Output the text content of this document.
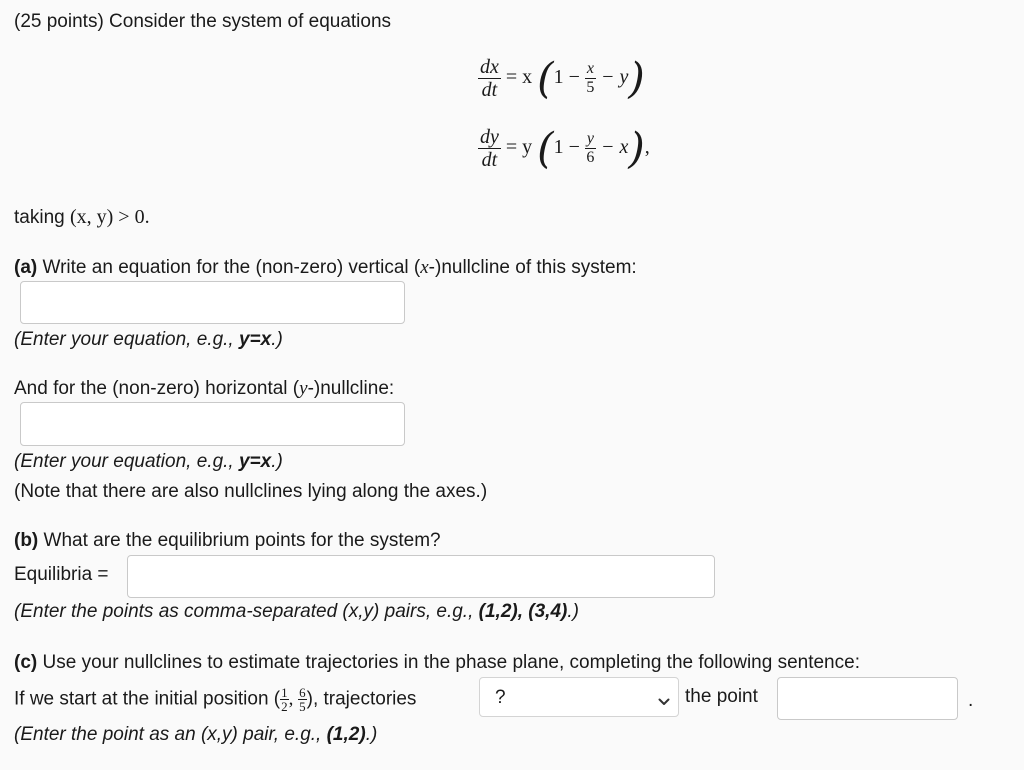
(25 points) Consider the system of equations
$\frac{dx}{dt} = x$ $(1 - \frac{x}{5} - y)$
$\frac{dy}{dt} = y$ $(1 - \frac{y}{6} - x)$,
taking (x, y) > 0.
(a) Write an equation for the (non-zero) vertical (x-)nullcline of this system:
(Enter your equation, e.g., y=x.)
And for the (non-zero) horizontal (y-)nullcline:
(Enter your equation, e.g., y=x.)
(Note that there are also nullclines lying along the axes.)
(b) What are the equilibrium points for the system?
Equilibria =
(Enter the points as comma-separated (x,y) pairs, e.g., (1,2), (3,4).)
(c) Use your nullclines to estimate trajectories in the phase plane, completing the following sentence:
If we start at the initial position ( $\frac{1}{2}$, $\frac{6}{5}$), trajectories	?	the point	.
(Enter the point as an (x,y) pair, e.g., (1,2).)
